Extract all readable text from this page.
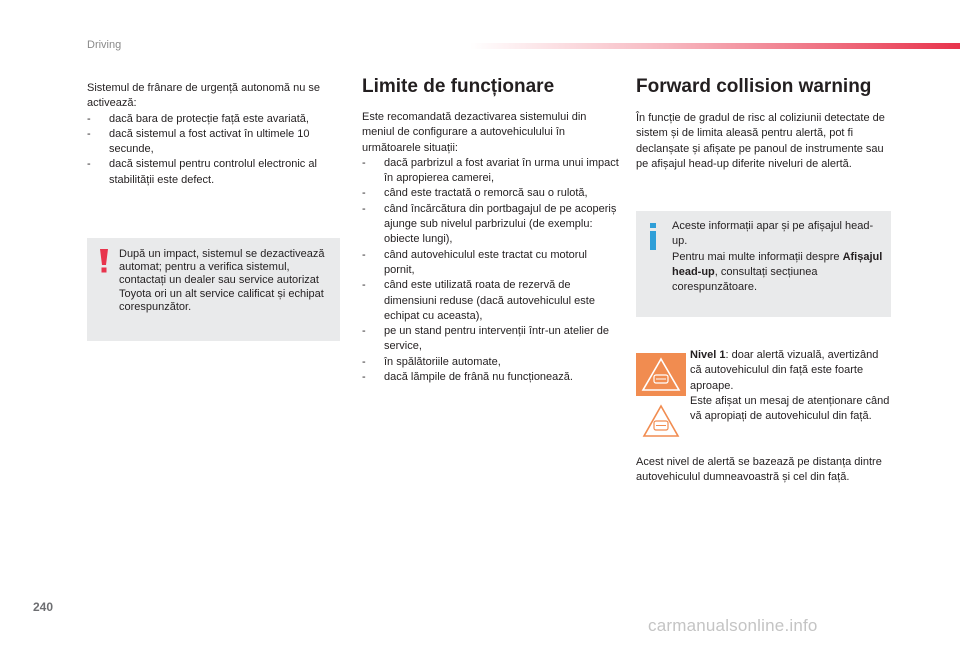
Driving

Sistemul de frânare de urgență autonomă nu se activează:

- dacă bara de protecție față este avariată,

- dacă sistemul a fost activat în ultimele 10 secunde,

- dacă sistemul pentru controlul electronic al stabilității este defect.

După un impact, sistemul se dezactivează automat; pentru a verifica sistemul, contactați un dealer sau service autorizat Toyota ori un alt service calificat și echipat corespunzător.
Limite de funcționare

Este recomandată dezactivarea sistemului din meniul de configurare a autovehiculului în următoarele situații:

- dacă parbrizul a fost avariat în urma unui impact în apropierea camerei,

- când este tractată o remorcă sau o rulotă,

- când încărcătura din portbagajul de pe acoperiș ajunge sub nivelul parbrizului (de exemplu: obiecte lungi),

- când autovehiculul este tractat cu motorul pornit,

- când este utilizată roata de rezervă de dimensiuni reduse (dacă autovehiculul este echipat cu aceasta),

- pe un stand pentru intervenții într-un atelier de service,

- în spălătoriile automate,

- dacă lămpile de frână nu funcționează.

Forward collision warning

În funcție de gradul de risc al coliziunii detectate de sistem și de limita aleasă pentru alertă, pot fi declanșate și afișate pe panoul de instrumente sau pe afișajul head-up diferite niveluri de alertă.

Aceste informații apar și pe afișajul head-up.
Pentru mai multe informații despre Afișajul head-up, consultați secțiunea corespunzătoare.

Nivel 1: doar alertă vizuală, avertizând că autovehiculul din față este foarte aproape.

Este afișat un mesaj de atenționare când vă apropiați de autovehiculul din față.

Acest nivel de alertă se bazează pe distanța dintre autovehiculul dumneavoastră și cel din față.
240
carmanualsonline.info
